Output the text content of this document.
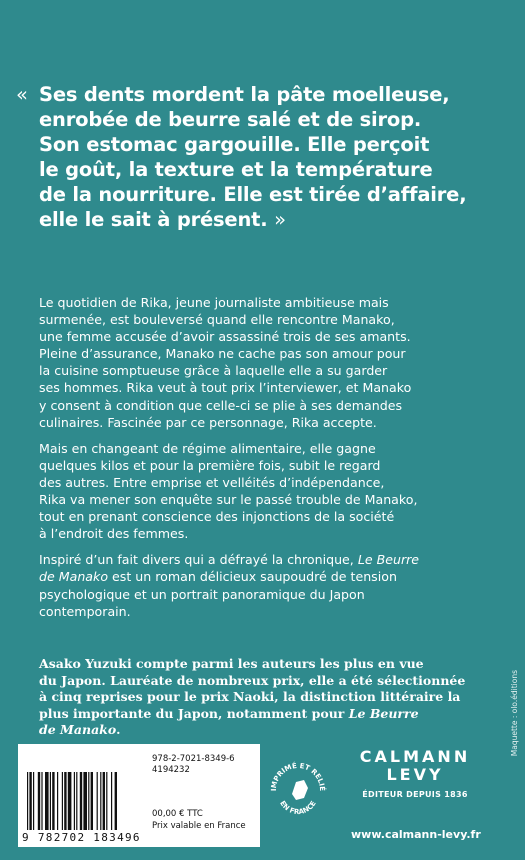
« Ses dents mordent la pâte moelleuse,
enrobée de beurre salé et de sirop.
Son estomac gargouille. Elle perçoit
le goût, la texture et la température
de la nourriture. Elle est tirée d’affaire,
elle le sait à présent. »

Le quotidien de Rika, jeune journaliste ambitieuse mais
surmenée, est bouleversé quand elle rencontre Manako,
une femme accusée d’avoir assassiné trois de ses amants.
Pleine d’assurance, Manako ne cache pas son amour pour
la cuisine somptueuse grâce à laquelle elle a su garder
ses hommes. Rika veut à tout prix l’interviewer, et Manako
y consent à condition que celle-ci se plie à ses demandes
culinaires. Fascinée par ce personnage, Rika accepte.

Mais en changeant de régime alimentaire, elle gagne
quelques kilos et pour la première fois, subit le regard
des autres. Entre emprise et velléités d’indépendance,
Rika va mener son enquête sur le passé trouble de Manako,
tout en prenant conscience des injonctions de la société
à l’endroit des femmes.

Inspiré d’un fait divers qui a défrayé la chronique, Le Beurre
de Manako est un roman délicieux saupoudré de tension
psychologique et un portrait panoramique du Japon
contemporain.

Asako Yuzuki compte parmi les auteurs les plus en vue
du Japon. Lauréate de nombreux prix, elle a été sélectionnée
à cinq reprises pour le prix Naoki, la distinction littéraire la
plus importante du Japon, notamment pour Le Beurre
de Manako.	Maquette : olo.éditions
978-2-7021-8349-6
4194232
00,00 € TTC
Prix valable en France
9 782702 183496
IMPRIMÉ ET RELIÉ
EN FRANCE
CALMANN
LEVY
ÉDITEUR DEPUIS 1836
www.calmann-levy.fr
